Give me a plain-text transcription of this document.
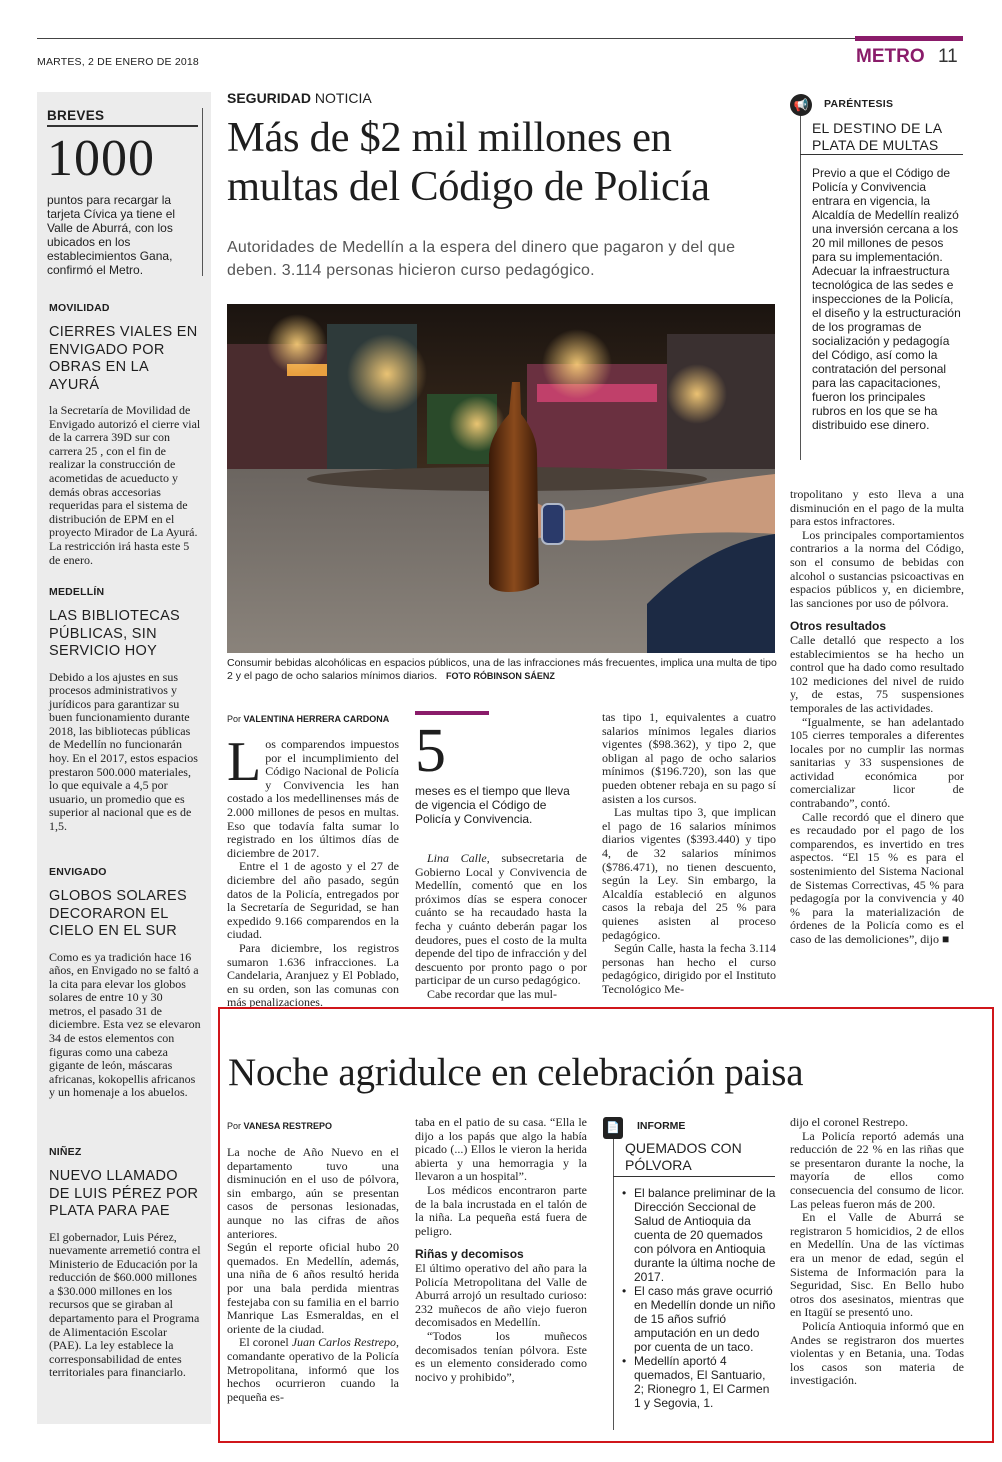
MARTES, 2 DE ENERO DE 2018	METRO 11
MOVILIDAD
CIERRES VIALES EN ENVIGADO POR OBRAS EN LA AYURÁ
la Secretaría de Movilidad de Envigado autorizó el cierre vial de la carrera 39D sur con carrera 25 , con el fin de realizar la construcción de acometidas de acueducto y demás obras accesorias requeridas para el sistema de distribución de EPM en el proyecto Mirador de La Ayurá. La restricción irá hasta este 5 de enero.
MEDELLÍN
LAS BIBLIOTECAS PÚBLICAS, SIN SERVICIO HOY
Debido a los ajustes en sus procesos administrativos y jurídicos para garantizar su buen funcionamiento durante 2018, las bibliotecas públicas de Medellín no funcionarán hoy. En el 2017, estos espacios prestaron 500.000 materiales, lo que equivale a 4,5 por usuario, un promedio que es superior al nacional que es de 1,5.
ENVIGADO
GLOBOS SOLARES DECORARON EL CIELO EN EL SUR
Como es ya tradición hace 16 años, en Envigado no se faltó a la cita para elevar los globos solares de entre 10 y 30 metros, el pasado 31 de diciembre. Esta vez se elevaron 34 de estos elementos con figuras como una cabeza gigante de león, máscaras africanas, kokopellis africanos y un homenaje a los abuelos.
NIÑEZ
NUEVO LLAMADO DE LUIS PÉREZ POR PLATA PARA PAE
El gobernador, Luis Pérez, nuevamente arremetió contra el Ministerio de Educación por la reducción de $60.000 millones a $30.000 millones en los recursos que se giraban al departamento para el Programa de Alimentación Escolar (PAE). La ley establece la corresponsabilidad de entes territoriales para financiarlo.
BREVES
1000
puntos para recargar la tarjeta Cívica ya tiene el Valle de Aburrá, con los ubicados en los establecimientos Gana, confirmó el Metro.
SEGURIDAD NOTICIA
Más de $2 mil millones en multas del Código de Policía
Autoridades de Medellín a la espera del dinero que pagaron y del que deben. 3.114 personas hicieron curso pedagógico.
Consumir bebidas alcohólicas en espacios públicos, una de las infracciones más frecuentes, implica una multa de tipo 2 y el pago de ocho salarios mínimos diarios. FOTO RÓBINSON SÁENZ
Por VALENTINA HERRERA CARDONA

Los comparendos impuestos por el incumplimiento del Código Nacional de Policía y Convivencia les han costado a los medellinenses más de 2.000 millones de pesos en multas. Eso que todavía falta sumar lo registrado en los últimos días de diciembre de 2017.

Entre el 1 de agosto y el 27 de diciembre del año pasado, según datos de la Policía, entregados por la Secretaría de Seguridad, se han expedido 9.166 comparendos en la ciudad.

Para diciembre, los registros sumaron 1.636 infracciones. La Candelaria, Aranjuez y El Poblado, en su orden, son las comunas con más penalizaciones.

5
meses es el tiempo que lleva de vigencia el Código de Policía y Convivencia.

Lina Calle, subsecretaria de Gobierno Local y Convivencia de Medellín, comentó que en los próximos días se espera conocer cuánto se ha recaudado hasta la fecha y cuánto deberán pagar los deudores, pues el costo de la multa depende del tipo de infracción y del descuento por pronto pago o por participar de un curso pedagógico.

Cabe recordar que las mul-

tas tipo 1, equivalentes a cuatro salarios mínimos legales diarios vigentes ($98.362), y tipo 2, que obligan al pago de ocho salarios mínimos ($196.720), son las que pueden obtener rebaja en su pago sí asisten a los cursos.

Las multas tipo 3, que implican el pago de 16 salarios mínimos diarios vigentes ($393.440) y tipo 4, de 32 salarios mínimos ($786.471), no tienen descuento, según la Ley. Sin embargo, la Alcaldía estableció en algunos casos la rebaja del 25 % para quienes asisten al proceso pedagógico.

Según Calle, hasta la fecha 3.114 personas han hecho el curso pedagógico, dirigido por el Instituto Tecnológico Me-

tropolitano y esto lleva a una disminución en el pago de la multa para estos infractores.

Los principales comportamientos contrarios a la norma del Código, son el consumo de bebidas con alcohol o sustancias psicoactivas en espacios públicos y, en diciembre, las sanciones por uso de pólvora.

Otros resultados

Calle detalló que respecto a los establecimientos se ha hecho un control que ha dado como resultado 102 mediciones del nivel de ruido y, de estas, 75 suspensiones temporales de las actividades.

“Igualmente, se han adelantado 105 cierres temporales a diferentes locales por no cumplir las normas sanitarias y 33 suspensiones de actividad económica por comercializar licor de contrabando”, contó.

Calle recordó que el dinero que es recaudado por el pago de los comparendos, es invertido en tres aspectos. “El 15 % es para el sostenimiento del Sistema Nacional de Sistemas Correctivas, 45 % para pedagogía por la convivencia y 40 % para la materialización de órdenes de la Policía como es el caso de las demoliciones”, dijo ■

📢	PARÉNTESIS
EL DESTINO DE LA PLATA DE MULTAS
Previo a que el Código de Policía y Convivencia entrara en vigencia, la Alcaldía de Medellín realizó una inversión cercana a los 20 mil millones de pesos para su implementación. Adecuar la infraestructura tecnológica de las sedes e inspecciones de la Policía, el diseño y la estructuración de los programas de socialización y pedagogía del Código, así como la contratación del personal para las capacitaciones, fueron los principales rubros en los que se ha distribuido ese dinero.
Noche agridulce en celebración paisa
Por VANESA RESTREPO

La noche de Año Nuevo en el departamento tuvo una disminución en el uso de pólvora, sin embargo, aún se presentan casos de personas lesionadas, aunque no las cifras de años anteriores.

Según el reporte oficial hubo 20 quemados. En Medellín, además, una niña de 6 años resultó herida por una bala perdida mientras festejaba con su familia en el barrio Manrique Las Esmeraldas, en el oriente de la ciudad.

El coronel Juan Carlos Restrepo, comandante operativo de la Policía Metropolitana, informó que los hechos ocurrieron cuando la pequeña es-

taba en el patio de su casa. “Ella le dijo a los papás que algo la había picado (...) Ellos le vieron la herida abierta y una hemorragia y la llevaron a un hospital”.

Los médicos encontraron parte de la bala incrustada en el talón de la niña. La pequeña está fuera de peligro.

Riñas y decomisos

El último operativo del año para la Policía Metropolitana del Valle de Aburrá arrojó un resultado curioso: 232 muñecos de año viejo fueron decomisados en Medellín.

“Todos los muñecos decomisados tenían pólvora. Este es un elemento considerado como nocivo y prohibido”,

📄	INFORME
QUEMADOS CON PÓLVORA
• El balance preliminar de la Dirección Seccional de Salud de Antioquia da cuenta de 20 quemados con pólvora en Antioquia durante la última noche de 2017.
• El caso más grave ocurrió en Medellín donde un niño de 15 años sufrió amputación en un dedo por cuenta de un taco.
• Medellín aportó 4 quemados, El Santuario, 2; Rionegro 1, El Carmen 1 y Segovia, 1.

dijo el coronel Restrepo.

La Policía reportó además una reducción de 22 % en las riñas que se presentaron durante la noche, la mayoría de ellos como consecuencia del consumo de licor. Las peleas fueron más de 200.

En el Valle de Aburrá se registraron 5 homicidios, 2 de ellos en Medellín. Una de las víctimas era un menor de edad, según el Sistema de Información para la Seguridad, Sisc. En Bello hubo otros dos asesinatos, mientras que en Itagüí se presentó uno.

Policía Antioquia informó que en Andes se registraron dos muertes violentas y en Betania, una. Todas los casos son materia de investigación.
